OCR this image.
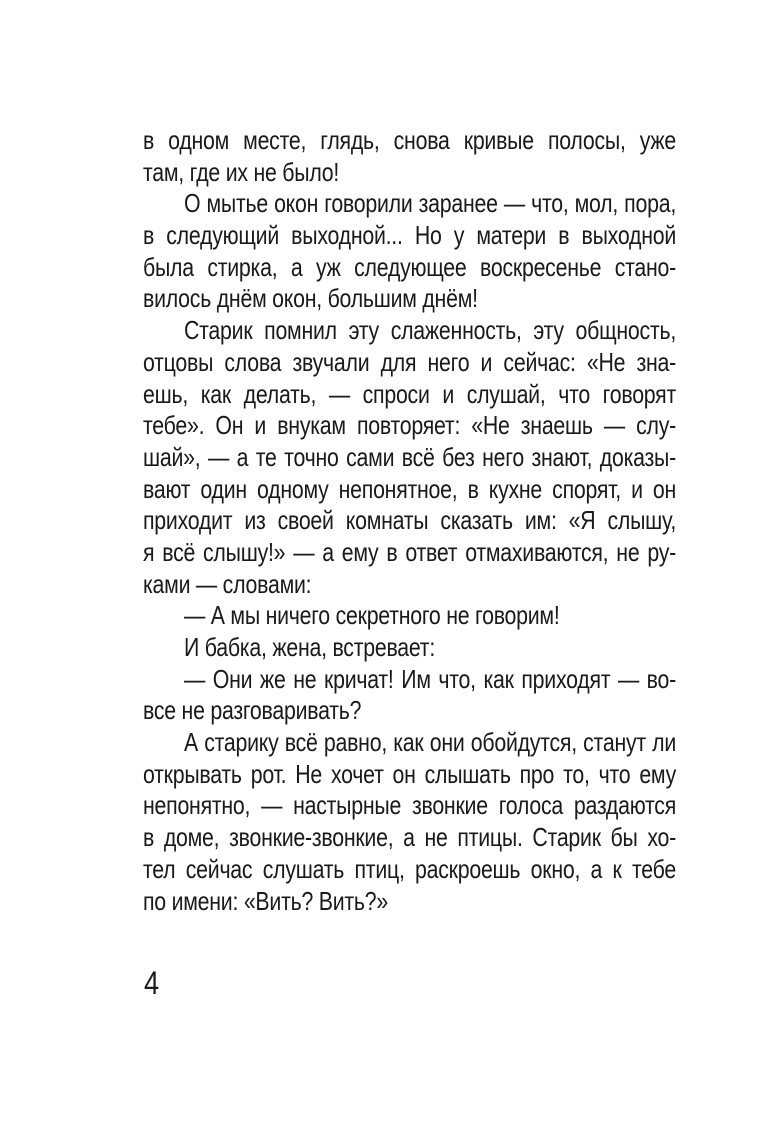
в одном месте, глядь, снова кривые полосы, уже
там, где их не было!
О мытье окон говорили заранее — что, мол, пора,
в следующий выходной... Но у матери в выходной
была стирка, а уж следующее воскресенье стано-
вилось днём окон, большим днём!
Старик помнил эту слаженность, эту общность,
отцовы слова звучали для него и сейчас: «Не зна-
ешь, как делать, — спроси и слушай, что говорят
тебе». Он и внукам повторяет: «Не знаешь — слу-
шай», — а те точно сами всё без него знают, доказы-
вают один одному непонятное, в кухне спорят, и он
приходит из своей комнаты сказать им: «Я слышу,
я всё слышу!» — а ему в ответ отмахиваются, не ру-
ками — словами:
— А мы ничего секретного не говорим!
И бабка, жена, встревает:
— Они же не кричат! Им что, как приходят — во-
все не разговаривать?
А старику всё равно, как они обойдутся, станут ли
открывать рот. Не хочет он слышать про то, что ему
непонятно, — настырные звонкие голоса раздаются
в доме, звонкие-звонкие, а не птицы. Старик бы хо-
тел сейчас слушать птиц, раскроешь окно, а к тебе
по имени: «Вить? Вить?»
4
